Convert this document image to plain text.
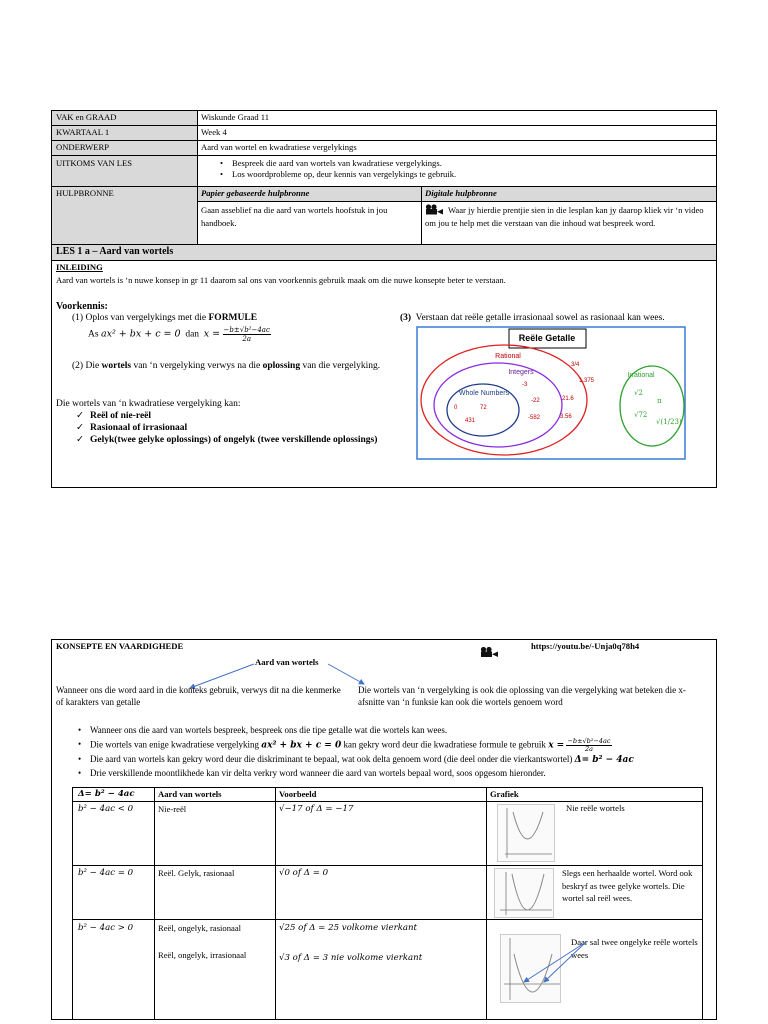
VAK en GRAAD	Wiskunde Graad 11
KWARTAAL 1	Week 4
ONDERWERP	Aard van wortel en kwadratiese vergelykings
UITKOMS VAN LES
•	Bespreek die aard van wortels van kwadratiese vergelykings.
• Los woordprobleme op, deur kennis van vergelykings te gebruik.
HULPBRONNE	Papier gebaseerde hulpbronne	Digitale hulpbronne
Gaan asseblief na die aard van wortels hoofstuk in jou handboek.
Waar jy hierdie prentjie sien in die lesplan kan jy daarop kliek vir ‘n video om jou te help met die verstaan van die inhoud wat bespreek word.
LES 1 a – Aard van wortels
INLEIDING
Aard van wortels is ‘n nuwe konsep in gr 11 daarom sal ons van voorkennis gebruik maak om die nuwe konsepte beter te verstaan.
Voorkennis:
(1) Oplos van vergelykings met die FORMULE
As ax² + bx + c = 0 dan $x = \frac{\text{−b±√b²−4ac}}{2a}$
(2) Die wortels van ‘n vergelyking verwys na die oplossing van die vergelyking.
Die wortels van ‘n kwadratiese vergelyking kan:
✓ Reël of nie-reël
✓ Rasionaal of irrasionaal
✓ Gelyk(twee gelyke oplossings) of ongelyk (twee verskillende oplossings)
(3) Verstaan dat reële getalle irrasionaal sowel as rasionaal kan wees.
Reële Getalle
Rational
Integers
Whole Numbers
Irrational
0	72
431
-3
-22
-582
3/4
1.375
21.6
3.56
√2
π
√72
√(1/23)
KONSEPTE EN VAARDIGHEDE	https://youtu.be/-Unja0q78h4
Aard van wortels
Wanneer ons die word aard in die konteks gebruik, verwys dit na die kenmerke of karakters van getalle
Die wortels van ‘n vergelyking is ook die oplossing van die vergelyking wat beteken die x-afsnitte van ‘n funksie kan ook die wortels genoem word
• Wanneer ons die aard van wortels bespreek, bespreek ons die tipe getalle wat die wortels kan wees.
• Die wortels van enige kwadratiese vergelyking ax² + bx + c = 0 kan gekry word deur die kwadratiese formule te gebruik $x = \frac{\text{−b±√b²−4ac}}{2a}$
• Die aard van wortels kan gekry word deur die diskriminant te bepaal, wat ook delta genoem word (die deel onder die vierkantswortel) Δ= b² − 4ac
• Drie verskillende moontlikhede kan vir delta verkry word wanneer die aard van wortels bepaal word, soos opgesom hieronder.
Δ= b² − 4ac	Aard van wortels	Voorbeeld	Grafiek
b² − 4ac < 0	Nie-reël	√−17 of Δ = −17	Nie reële wortels
b² − 4ac = 0	Reël. Gelyk, rasionaal	√0 of Δ = 0	Slegs een herhaalde wortel. Word ook beskryf as twee gelyke wortels. Die wortel sal reël wees.
b² − 4ac > 0	Reël, ongelyk, rasionaal
Reël, ongelyk, irrasionaal
√25 of Δ = 25 volkome vierkant
√3 of Δ = 3 nie volkome vierkant
Daar sal twee ongelyke reële wortels wees
